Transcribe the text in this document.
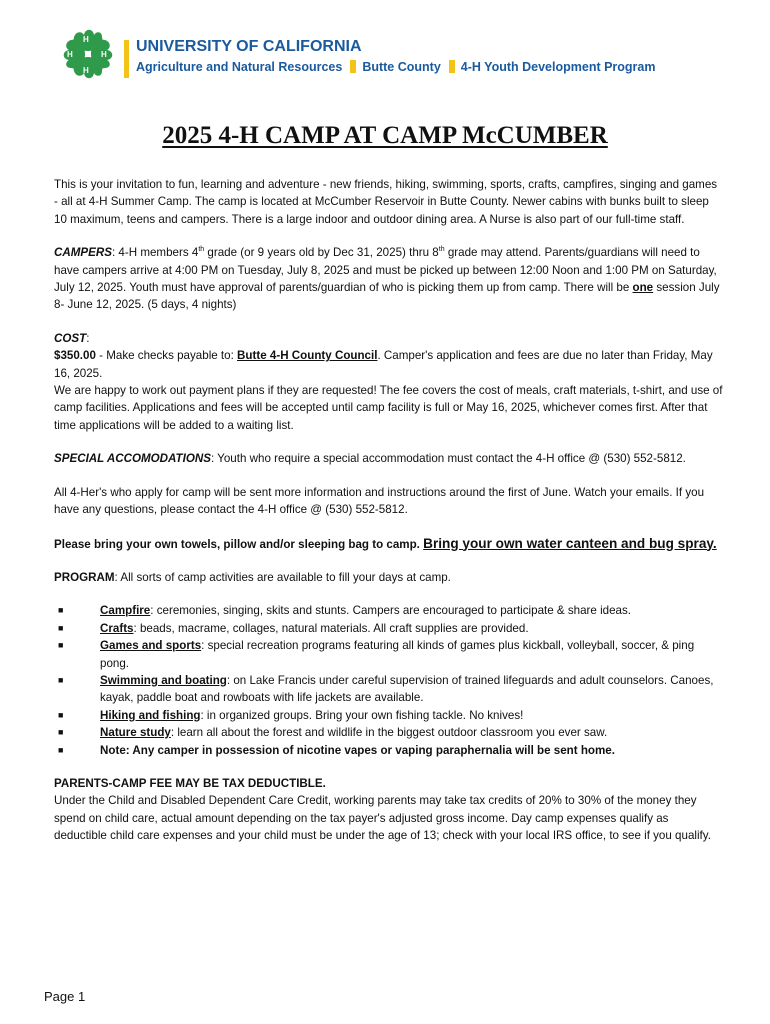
H
H
H	H UNIVERSITY OF CALIFORNIA
Agriculture and Natural Resources Butte County 4-H Youth Development Program
2025 4-H CAMP AT CAMP McCUMBER

This is your invitation to fun, learning and adventure - new friends, hiking, swimming, sports, crafts, campfires, singing and games - all at 4-H Summer Camp. The camp is located at McCumber Reservoir in Butte County. Newer cabins with bunks built to sleep 10 maximum, teens and campers. There is a large indoor and outdoor dining area. A Nurse is also part of our full-time staff.

CAMPERS: 4-H members 4th grade (or 9 years old by Dec 31, 2025) thru 8th grade may attend. Parents/guardians will need to have campers arrive at 4:00 PM on Tuesday, July 8, 2025 and must be picked up between 12:00 Noon and 1:00 PM on Saturday, July 12, 2025. Youth must have approval of parents/guardian of who is picking them up from camp. There will be one session July 8- June 12, 2025. (5 days, 4 nights)

COST:
$350.00 - Make checks payable to: Butte 4-H County Council. Camper's application and fees are due no later than Friday, May 16, 2025.
We are happy to work out payment plans if they are requested! The fee covers the cost of meals, craft materials, t-shirt, and use of camp facilities. Applications and fees will be accepted until camp facility is full or May 16, 2025, whichever comes first. After that time applications will be added to a waiting list.

SPECIAL ACCOMODATIONS: Youth who require a special accommodation must contact the 4-H office @ (530) 552-5812.

All 4-Her's who apply for camp will be sent more information and instructions around the first of June. Watch your emails. If you have any questions, please contact the 4-H office @ (530) 552-5812.

Please bring your own towels, pillow and/or sleeping bag to camp. Bring your own water canteen and bug spray.

PROGRAM: All sorts of camp activities are available to fill your days at camp.

■	Campfire: ceremonies, singing, skits and stunts. Campers are encouraged to participate & share ideas.
■	Crafts: beads, macrame, collages, natural materials. All craft supplies are provided.
■	Games and sports: special recreation programs featuring all kinds of games plus kickball, volleyball, soccer, & ping pong.
■	Swimming and boating: on Lake Francis under careful supervision of trained lifeguards and adult counselors. Canoes, kayak, paddle boat and rowboats with life jackets are available.
■	Hiking and fishing: in organized groups. Bring your own fishing tackle. No knives!
■	Nature study: learn all about the forest and wildlife in the biggest outdoor classroom you ever saw.
■	Note: Any camper in possession of nicotine vapes or vaping paraphernalia will be sent home.
PARENTS-CAMP FEE MAY BE TAX DEDUCTIBLE.
Under the Child and Disabled Dependent Care Credit, working parents may take tax credits of 20% to 30% of the money they spend on child care, actual amount depending on the tax payer's adjusted gross income. Day camp expenses qualify as deductible child care expenses and your child must be under the age of 13; check with your local IRS office, to see if you qualify.
Page 1
